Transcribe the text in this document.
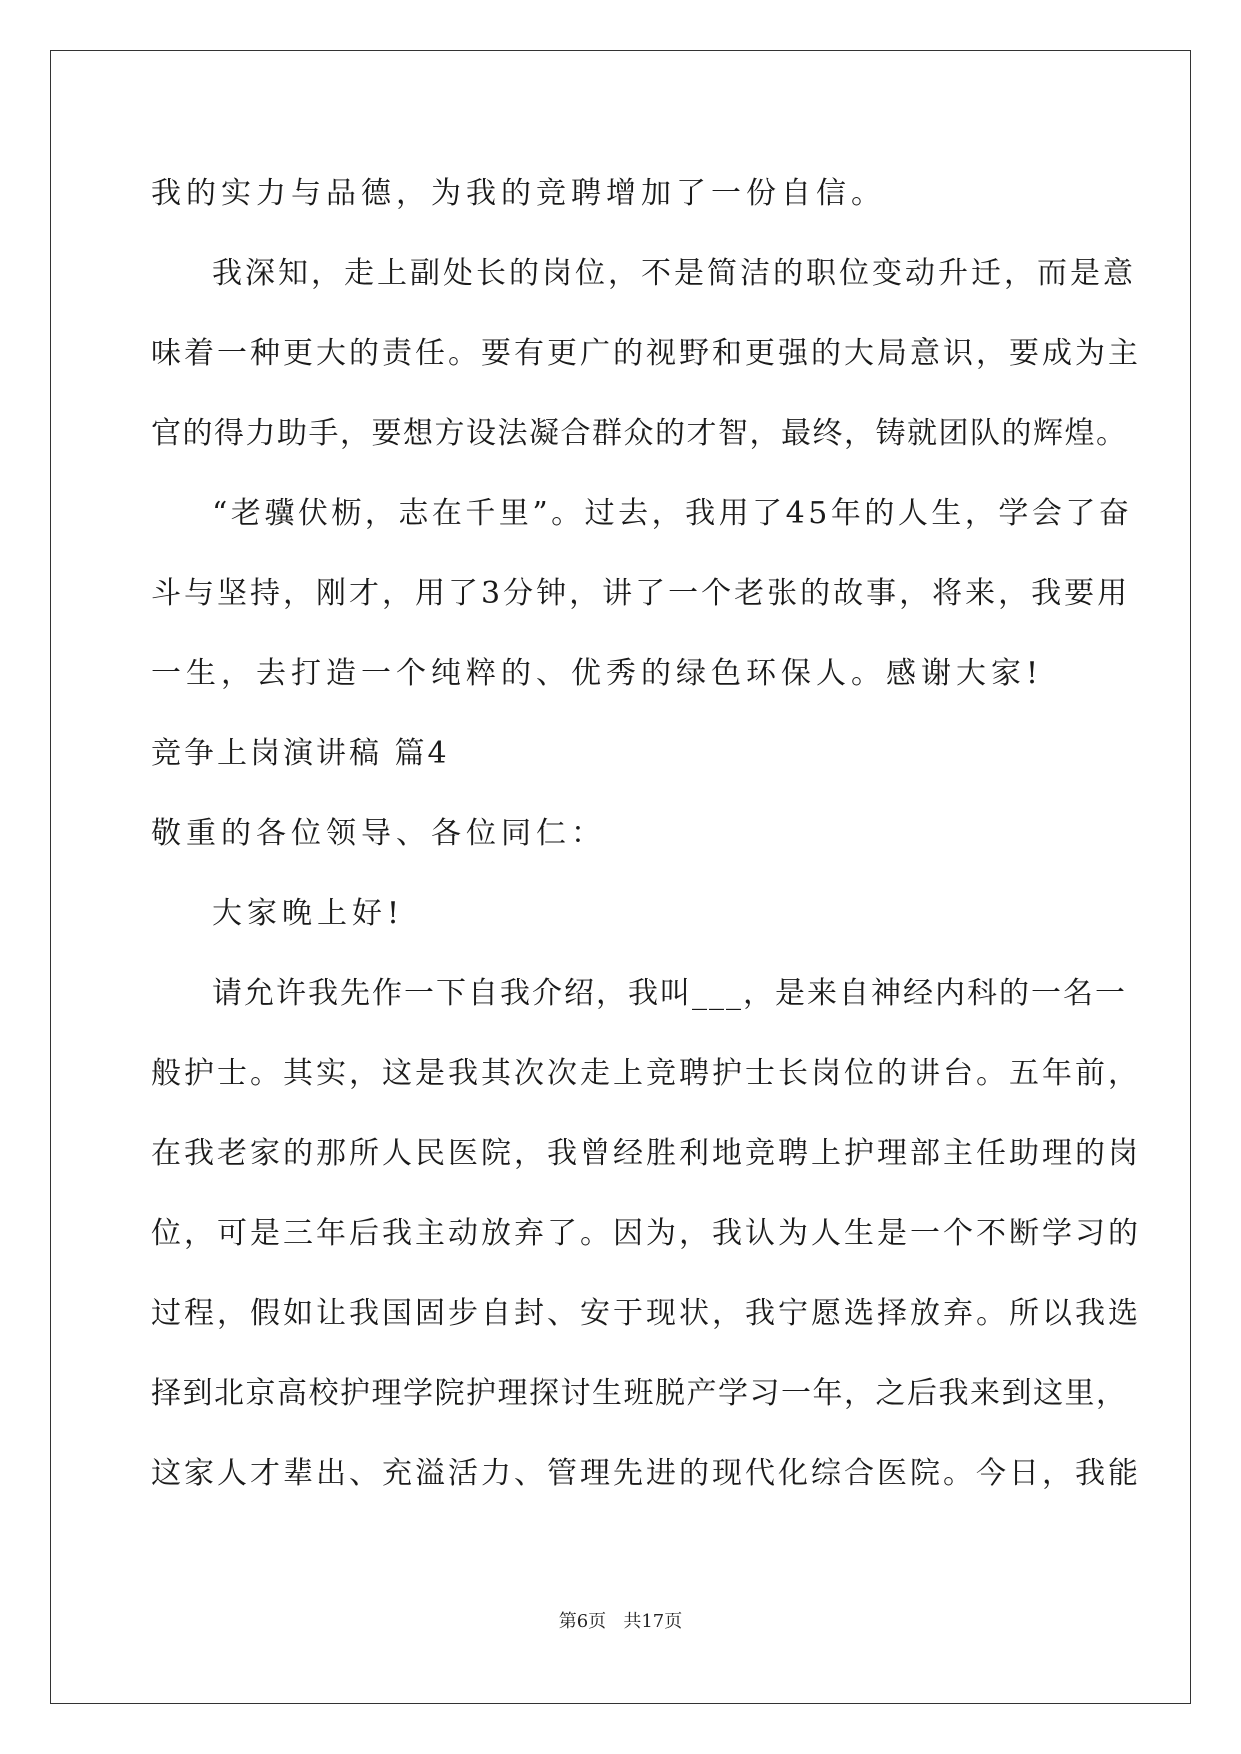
我的实力与品德，为我的竞聘增加了一份自信。
我深知，走上副处长的岗位，不是简洁的职位变动升迁，而是意
味着一种更大的责任。要有更广的视野和更强的大局意识，要成为主
官的得力助手，要想方设法凝合群众的才智，最终，铸就团队的辉煌。
“老骥伏枥，志在千里”。过去，我用了45年的人生，学会了奋
斗与坚持，刚才，用了3分钟，讲了一个老张的故事，将来，我要用
一生，去打造一个纯粹的、优秀的绿色环保人。感谢大家!
竞争上岗演讲稿 篇4
敬重的各位领导、各位同仁：
大家晚上好!
请允许我先作一下自我介绍，我叫___，是来自神经内科的一名一
般护士。其实，这是我其次次走上竞聘护士长岗位的讲台。五年前，
在我老家的那所人民医院，我曾经胜利地竞聘上护理部主任助理的岗
位，可是三年后我主动放弃了。因为，我认为人生是一个不断学习的
过程，假如让我国固步自封、安于现状，我宁愿选择放弃。所以我选
择到北京高校护理学院护理探讨生班脱产学习一年，之后我来到这里，
这家人才辈出、充溢活力、管理先进的现代化综合医院。今日，我能
第6页   共17页
